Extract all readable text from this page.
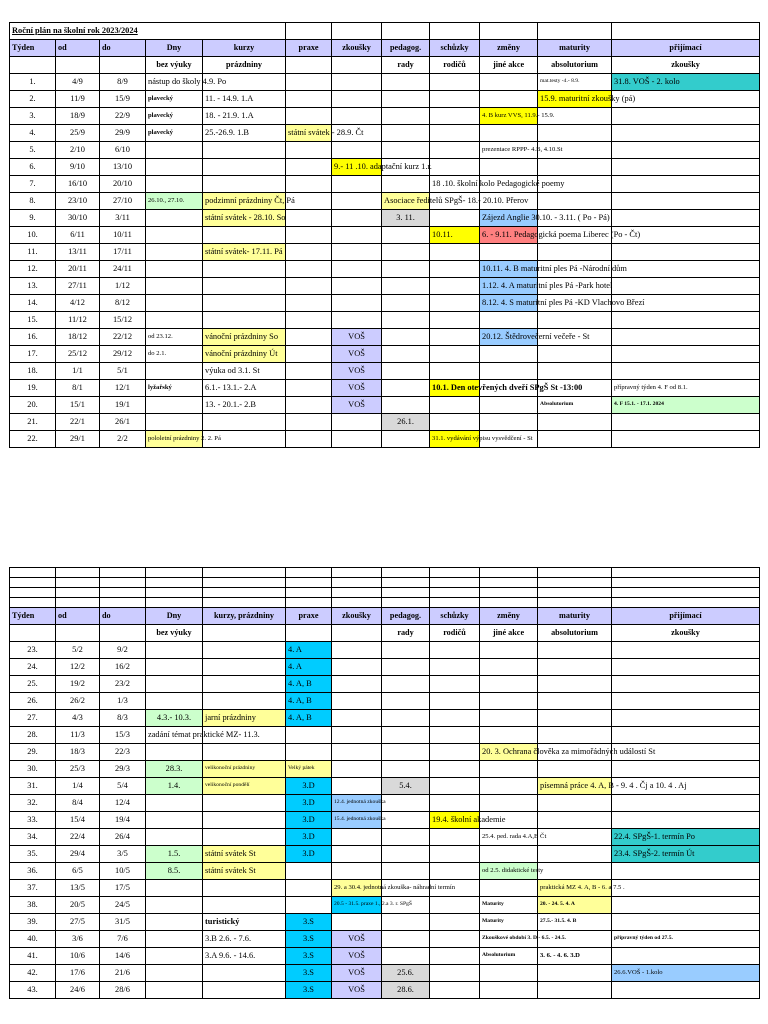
Roční plán na školní rok 2023/2024											
Týden	od	do	Dny	kurzy	praxe	zkoušky	pedagog.	schůzky	změny	maturity	přijímací
			bez výuky	prázdniny			rady	rodičů	jiné akce	absolutorium	zkoušky
1.	4/9	8/9	nástup do školy 4.9. Po							mat.testy -4.- 8.9.	31.8. VOŠ - 2. kolo
2.	11/9	15/9	plavecký	11. - 14.9. 1.A						15.9. maturitní zkoušky (pá)	
3.	18/9	22/9	plavecký	18. - 21.9. 1.A					4. B kurz VVS, 11.9.- 15.9.		
4.	25/9	29/9	plavecký	25.-26.9. 1.B	státní svátek - 28.9. Čt						
5.	2/10	6/10							prezentace RPPP- 4.B, 4.10.St		
6.	9/10	13/10				9.- 11 .10. adaptační kurz 1.r.					
7.	16/10	20/10						18 .10. školní kolo Pedagogické poemy			
8.	23/10	27/10	26.10., 27.10.	podzimní prázdniny Čt, Pá			Asociace ředitelů SPgŠ- 18.- 20.10. Přerov				
9.	30/10	3/11		státní svátek - 28.10. So			3. 11.		Zájezd Anglie 30.10. - 3.11. ( Po - Pá)		
10.	6/11	10/11						10.11.	6. - 9.11. Pedagogická poema Liberec (Po - Čt)		
11.	13/11	17/11		státní svátek- 17.11. Pá							
12.	20/11	24/11							10.11. 4. B maturitní ples Pá -Národní dům		
13.	27/11	1/12							1.12. 4. A maturitní ples Pá -Park hotel		
14.	4/12	8/12							8.12. 4. S maturitní ples Pá -KD Vlachovo Březí		
15.	11/12	15/12									
16.	18/12	22/12	od 23.12.	vánoční prázdniny So		VOŠ			20.12. Štědrovečerní večeře - St		
17.	25/12	29/12	do 2.1.	vánoční prázdniny Út		VOŠ					
18.	1/1	5/1		výuka od 3.1. St		VOŠ					
19.	8/1	12/1	lyžařský	6.1.- 13.1.- 2.A		VOŠ		10.1. Den otevřených dveří SPgŠ St -13:00			přípravný týden 4. F od 8.1.
20.	15/1	19/1		13. - 20.1.- 2.B		VOŠ				Absolutorium	4. F 15.1. - 17.1. 2024
21.	22/1	26/1					26.1.				
22.	29/1	2/2	pololetní prázdniny 2. 2. Pá					31.1. vydávání výpisu vysvědčení - St			

Týden	od	do	Dny	kurzy, prázdniny	praxe	zkoušky	pedagog.	schůzky	změny	maturity	přijímací
			bez výuky				rady	rodičů	jiné akce	absolutorium	zkoušky
23.	5/2	9/2			4. A						
24.	12/2	16/2			4. A						
25.	19/2	23/2			4. A, B						
26.	26/2	1/3			4. A, B						
27.	4/3	8/3	4.3.- 10.3.	jarní prázdniny	4. A, B						
28.	11/3	15/3	zadání témat praktické MZ- 11.3.								
29.	18/3	22/3							20. 3. Ochrana člověka za mimořádných událostí St		
30.	25/3	29/3	28.3.	velikonoční prázdniny	Velký pátek						
31.	1/4	5/4	1.4.	velikonoční pondělí	3.D		5.4.			písemná práce 4. A, B - 9. 4 . Čj a 10. 4 . Aj	
32.	8/4	12/4			3.D	12.4. jednotná zkouška					
33.	15/4	19/4			3.D	15.4. jednotná zkouška		19.4. školní akademie			
34.	22/4	26/4			3.D				25.4. ped. rada 4.A,B Čt		22.4. SPgŠ-1. termín Po
35.	29/4	3/5	1.5.	státní svátek St	3.D						23.4. SPgŠ-2. termín Út
36.	6/5	10/5	8.5.	státní svátek St					od 2.5. didaktické testy		
37.	13/5	17/5				29. a 30.4. jednotná zkouška- náhradní termín				praktická MZ 4. A, B - 6. a 7.5 .	
38.	20/5	24/5				20.5 - 31.5. praxe 1., 2.a 3. r. SPgŠ			Maturity	20. - 24. 5. 4. A	
39.	27/5	31/5		turistický	3.S				Maturity	27.5.- 31.5. 4. B	
40.	3/6	7/6		3.B 2.6. - 7.6.	3.S	VOŠ			Zkouškové období 3. D - 6.5. - 24.5.		přípravný týden od 27.5.
41.	10/6	14/6		3.A 9.6. - 14.6.	3.S	VOŠ			Absolutorium	3. 6. - 4. 6. 3.D	
42.	17/6	21/6			3.S	VOŠ	25.6.				26.6.VOŠ - 1.kolo
43.	24/6	28/6			3.S	VOŠ	28.6.				
